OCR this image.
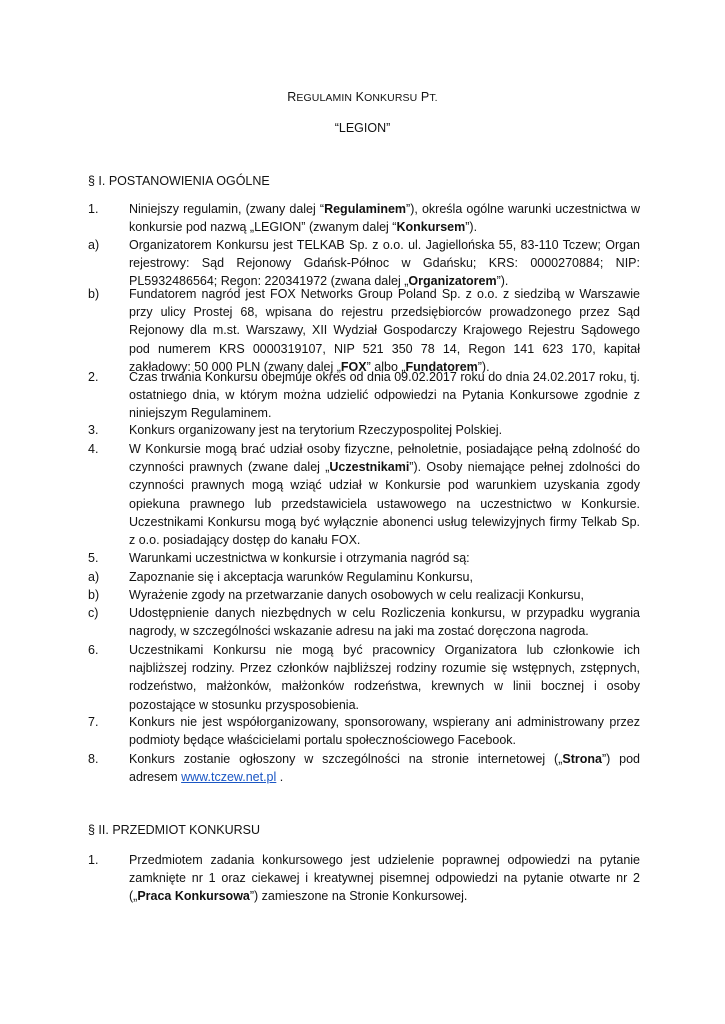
REGULAMIN KONKURSU PT.
“LEGION”
§ I. POSTANOWIENIA OGÓLNE
1. Niniejszy regulamin, (zwany dalej “Regulaminem”), określa ogólne warunki uczestnictwa w konkursie pod nazwą „LEGION” (zwanym dalej “Konkursem”).
a) Organizatorem Konkursu jest TELKAB Sp. z o.o. ul. Jagiellońska 55, 83-110 Tczew; Organ rejestrowy: Sąd Rejonowy Gdańsk-Północ w Gdańsku; KRS: 0000270884; NIP: PL5932486564; Regon: 220341972 (zwana dalej „Organizatorem”).
b) Fundatorem nagród jest FOX Networks Group Poland Sp. z o.o. z siedzibą w Warszawie przy ulicy Prostej 68, wpisana do rejestru przedsiębiorców prowadzonego przez Sąd Rejonowy dla m.st. Warszawy, XII Wydział Gospodarczy Krajowego Rejestru Sądowego pod numerem KRS 0000319107, NIP 521 350 78 14, Regon 141 623 170, kapitał zakładowy: 50 000 PLN (zwany dalej „FOX” albo „Fundatorem”).
2. Czas trwania Konkursu obejmuje okres od dnia 09.02.2017 roku do dnia 24.02.2017 roku, tj. ostatniego dnia, w którym można udzielić odpowiedzi na Pytania Konkursowe zgodnie z niniejszym Regulaminem.
3. Konkurs organizowany jest na terytorium Rzeczypospolitej Polskiej.
4. W Konkursie mogą brać udział osoby fizyczne, pełnoletnie, posiadające pełną zdolność do czynności prawnych (zwane dalej „Uczestnikami”). Osoby niemające pełnej zdolności do czynności prawnych mogą wziąć udział w Konkursie pod warunkiem uzyskania zgody opiekuna prawnego lub przedstawiciela ustawowego na uczestnictwo w Konkursie. Uczestnikami Konkursu mogą być wyłącznie abonenci usług telewizyjnych firmy Telkab Sp. z o.o. posiadający dostęp do kanału FOX.
5. Warunkami uczestnictwa w konkursie i otrzymania nagród są:
a) Zapoznanie się i akceptacja warunków Regulaminu Konkursu,
b) Wyrażenie zgody na przetwarzanie danych osobowych w celu realizacji Konkursu,
c) Udostępnienie danych niezbędnych w celu Rozliczenia konkursu, w przypadku wygrania nagrody, w szczególności wskazanie adresu na jaki ma zostać doręczona nagroda.
6. Uczestnikami Konkursu nie mogą być pracownicy Organizatora lub członkowie ich najbliższej rodziny. Przez członków najbliższej rodziny rozumie się wstępnych, zstępnych, rodzeństwo, małżonków, małżonków rodzeństwa, krewnych w linii bocznej i osoby pozostające w stosunku przysposobienia.
7. Konkurs nie jest współorganizowany, sponsorowany, wspierany ani administrowany przez podmioty będące właścicielami portalu społecznościowego Facebook.
8. Konkurs zostanie ogłoszony w szczególności na stronie internetowej („Strona”) pod adresem www.tczew.net.pl .
§ II. PRZEDMIOT KONKURSU
1. Przedmiotem zadania konkursowego jest udzielenie poprawnej odpowiedzi na pytanie zamknięte nr 1 oraz ciekawej i kreatywnej pisemnej odpowiedzi na pytanie otwarte nr 2 („Praca Konkursowa”) zamieszone na Stronie Konkursowej.
